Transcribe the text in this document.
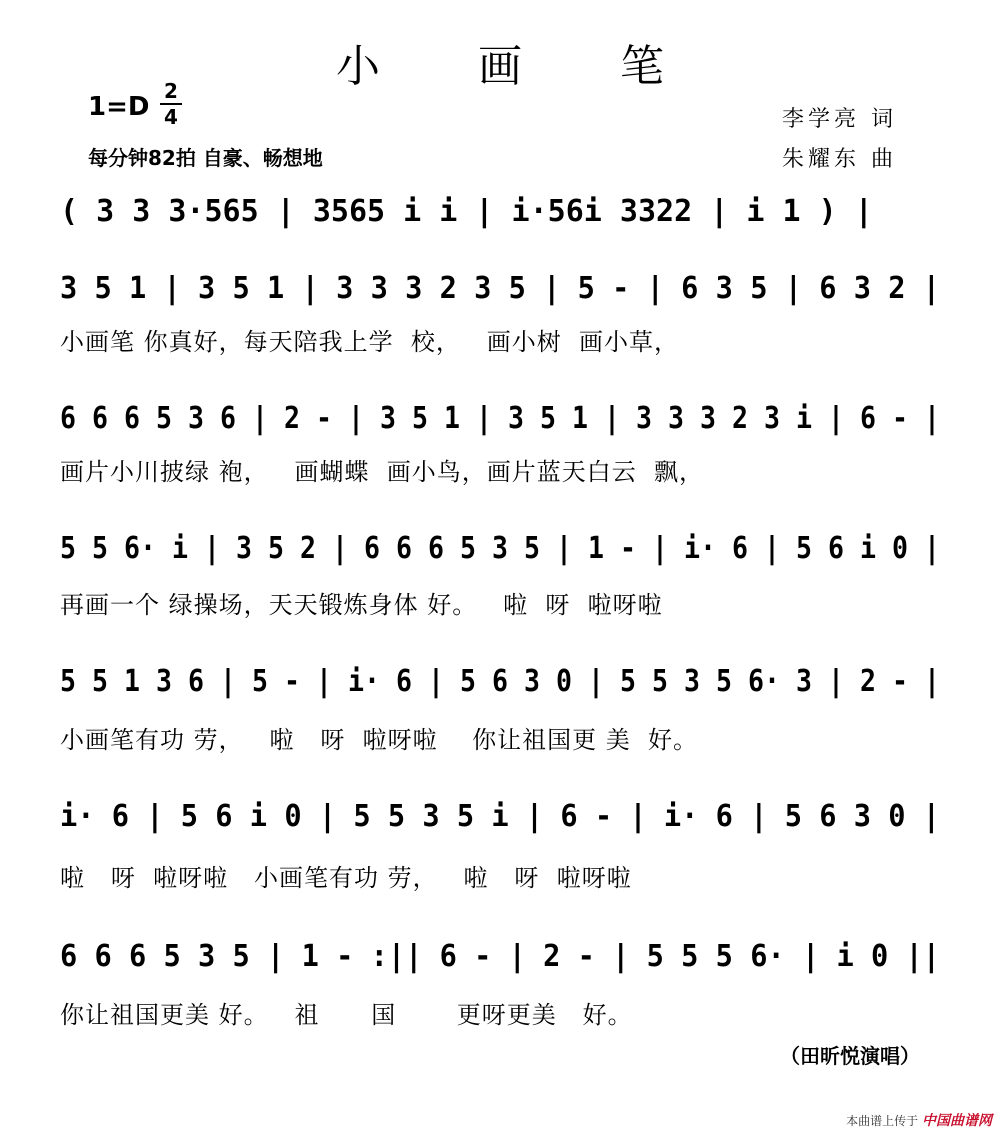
小 画 笔
1=D
2
4
每分钟82拍 自豪、畅想地
李学亮 词
朱耀东 曲
( 3 3 3·565 | 3565 i i | i·56i 3322 | i 1 ) |
3 5 1 | 3 5 1 | 3 3 3 2 3 5 | 5 - | 6 3 5 | 6 3 2 |
小画笔 你真好，每天陪我上学  校，   画小树  画小草，
6 6 6 5 3 6 | 2 - | 3 5 1 | 3 5 1 | 3 3 3 2 3 i | 6 - |
画片小川披绿 袍，   画蝴蝶  画小鸟，画片蓝天白云  飘，
5 5 6· i | 3 5 2 | 6 6 6 5 3 5 | 1 - | i· 6 | 5 6 i 0 |
再画一个 绿操场，天天锻炼身体 好。   啦  呀  啦呀啦
5 5 1 3 6 | 5 - | i· 6 | 5 6 3 0 | 5 5 3 5 6· 3 | 2 - |
小画笔有功 劳，   啦   呀  啦呀啦    你让祖国更 美  好。
i· 6 | 5 6 i 0 | 5 5 3 5 i | 6 - | i· 6 | 5 6 3 0 |
啦   呀  啦呀啦   小画笔有功 劳，   啦   呀  啦呀啦
6 6 6 5 3 5 | 1 - :|| 6 - | 2 - | 5 5 5 6· | i 0 ||
你让祖国更美 好。   祖      国       更呀更美   好。
（田昕悦演唱）
本曲谱上传于 中国曲谱网
